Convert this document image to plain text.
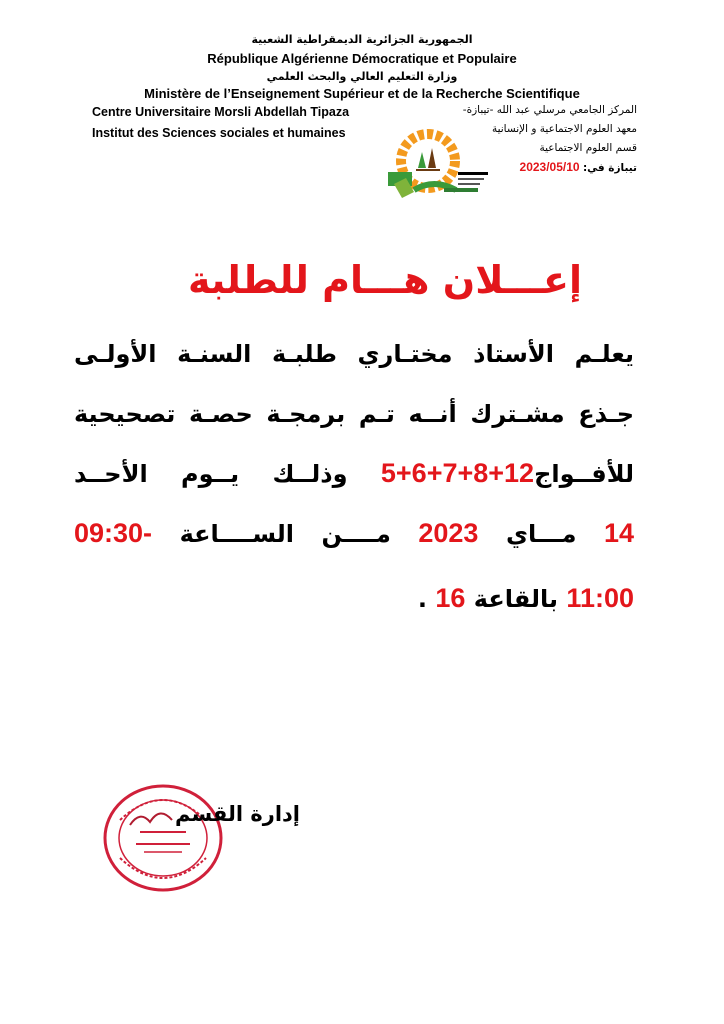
الجمهورية الجزائرية الديمقراطية الشعبية
République Algérienne Démocratique et Populaire
وزارة التعليم العالي والبحث العلمي
Ministère de l’Enseignement Supérieur et de la Recherche Scientifique
Centre Universitaire Morsli Abdellah Tipaza
Institut des Sciences sociales et humaines
المركز الجامعي مرسلي عبد الله -تيبازة-
معهد العلوم الاجتماعية و الإنسانية
قسم العلوم الاجتماعية
تيبازة في: 2023/05/10
إعـــلان هـــام للطلبة
يعلـم الأستاذ مختـاري طلبـة السنـة الأولـى
جـذع مشـترك أنــه تـم برمجـة حصـة تصحيحية
للأفــواج5+6+7+8+12 وذلــك يــوم الأحــد
14 مـــاي 2023 مــــن الســــاعة 09:30-
11:00 بالقاعة 16 .
إدارة القسم
